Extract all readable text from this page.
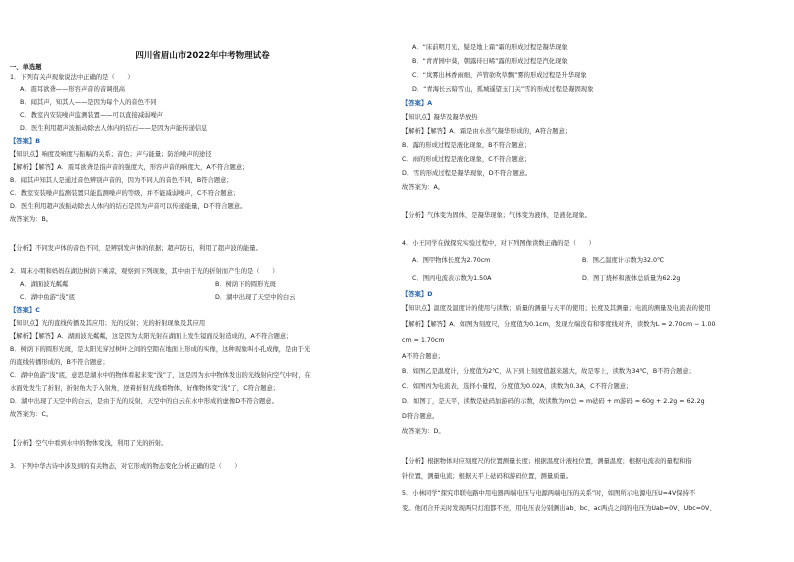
四川省眉山市2022年中考物理试卷
一、单选题
1．下列有关声现象说法中正确的是（　　）
A．震耳欲聋——形容声音的音调很高
B．闻其声，知其人——是因为每个人的音色不同
C．教室内安装噪声监测装置——可以直接减弱噪声
D．医生利用超声波振动除去人体内的结石——是因为声能传递信息
【答案】B
【知识点】响度及响度与振幅的关系；音色；声与能量；防治噪声的途径
【解析】【解答】A．震耳欲聋是指声音的强度大，形容声音的响度大，A不符合题意；
B．闻其声知其人是通过音色辨别声音的，因为不同人的音色不同，B符合题意；
C．教室安装噪声监测装置只能监测噪声的等级，并不能减弱噪声，C不符合题意；
D．医生利用超声波振动除去人体内的结石是因为声音可以传递能量，D不符合题意。
故答案为：B。
【分析】不同发声体的音色不同，是辨别发声体的依据；超声防石，利用了超声波的能量。
2．周末小明和妈妈在湖边树荫下乘凉，观察到下列现象，其中由于光的折射而产生的是（　　）
A．湖面波光粼粼	B．树荫下的圆形光斑
C．湖中鱼游“浅”底	D．湖中出现了天空中的白云
【答案】C
【知识点】光的直线传播及其应用；光的反射；光的折射现象及其应用
【解析】【解答】A．湖面波光粼粼，这是因为太阳光射在湖面上发生镜面反射造成的，A不符合题意；
B．树荫下的圆形光斑，是太阳光穿过树叶之间的空隙在地面上形成的实像，这种现象叫小孔成像，是由于光
的直线传播形成的，B不符合题意；
C．湖中鱼游“浅”底，意思是湖水中的物体看起来变“浅”了，这是因为水中物体发出的光线射向空气中时，在
水面处发生了折射，折射角大于入射角，逆着折射光线看物体，好像物体变“浅”了，C符合题意；
D．湖中出现了天空中的白云，是由于光的反射，天空中的白云在水中形成的虚像D不符合题意。
故答案为：C。
【分析】空气中看到水中的物体变浅，利用了光的折射。
3．下列中华古诗中涉及到的有关物态，对它形成的物态变化分析正确的是（　　）
A．“床前明月光，疑是地上霜”霜的形成过程是凝华现象
B．“青青园中葵，朝露待日晞”露的形成过程是汽化现象
C．“岚雾出林香雨细，芦管欲吹草飘”雾的形成过程是升华现象
D．“青海长云暗雪山，孤城遥望玉门关”雪的形成过程是凝固现象
【答案】A
【知识点】凝华及凝华放热
【解析】【解答】A．霜是由水蒸气凝华形成的，A符合题意；
B．露的形成过程是液化现象，B不符合题意；
C．雨的形成过程是液化现象，C不符合题意；
D．雪的形成过程是凝华现象，D不符合题意。
故答案为：A。
【分析】气体变为固体，是凝华现象；气体变为液体，是液化现象。
4．小王同学在做探究实验过程中，对下列图像读数正确的是（　　）
A．图甲物体长度为2.70cm	B．图乙温度计示数为32.0℃
C．图丙电流表示数为1.50A	D．图丁烧杯和液体总质量为62.2g
【答案】D
【知识点】温度及温度计的使用与读数；质量的测量与天平的使用；长度及其测量；电流的测量及电流表的使用
【解析】【解答】A．如图为刻度尺，分度值为0.1cm，发现左端没有和零度线对齐，读数为L = 2.70cm − 1.00
cm = 1.70cm
A不符合题意；
B．如图乙是温度计，分度值为2℃，从下到上刻度值越来越大，故是零上，读数为34℃，B不符合题意；
C．如图丙为电流表，选择小量程，分度值为0.02A，读数为0.3A，C不符合题意；
D．如图丁，是天平，读数是砝码加游码的示数，故读数为m总 = m砝码 + m游码 = 60g + 2.2g = 62.2g
D符合题意。
故答案为：D。
【分析】根据物体对应刻度尺的位置测量长度；根据温度计液柱位置，测量温度；根据电流表的量程和指
针位置，测量电流；根据天平上砝码和游码位置，测量质量。
5．小林同学“探究串联电路中用电器两端电压与电源两端电压的关系”时，如图所示电源电压U=4V保持不
变。他闭合开关时发现两只灯泡都不亮，用电压表分别测出ab、bc、ac两点之间的电压为Uab=0V、Ubc=0V、
